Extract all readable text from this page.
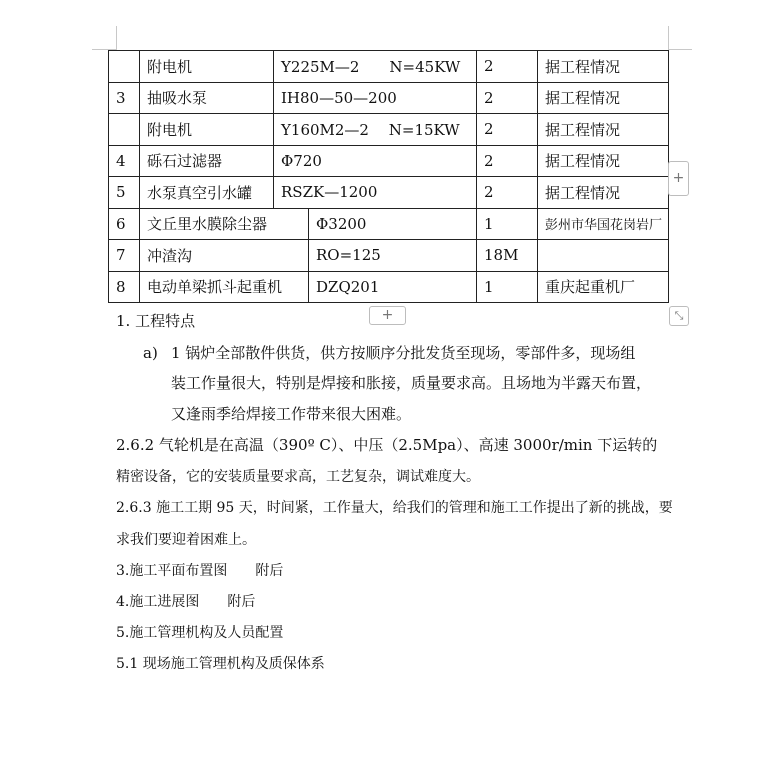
	附电机	Y225M—2　　N=45KW		2	据工程情况
3	抽吸水泵	IH80—50—200		2	据工程情况
	附电机	Y160M2—2　 N=15KW		2	据工程情况
4	砾石过滤器	Φ720		2	据工程情况
5	水泵真空引水罐	RSZK—1200		2	据工程情况
6	文丘里水膜除尘器		Φ3200	1	彭州市华国花岗岩厂
7	冲渣沟		RO=125	18M	
8	电动单梁抓斗起重机		DZQ201	1	重庆起重机厂
+
+	⤡
1. 工程特点
a) 1 锅炉全部散件供货，供方按顺序分批发货至现场，零部件多，现场组
装工作量很大，特别是焊接和胀接，质量要求高。且场地为半露天布置，
又逢雨季给焊接工作带来很大困难。
2.6.2 气轮机是在高温（390º C）、中压（2.5Mpa）、高速 3000r/min 下运转的
精密设备，它的安装质量要求高，工艺复杂，调试难度大。
2.6.3 施工工期 95 天，时间紧，工作量大，给我们的管理和施工工作提出了新的挑战，要
求我们要迎着困难上。
3.施工平面布置图　　附后
4.施工进展图　　附后
5.施工管理机构及人员配置
5.1 现场施工管理机构及质保体系
